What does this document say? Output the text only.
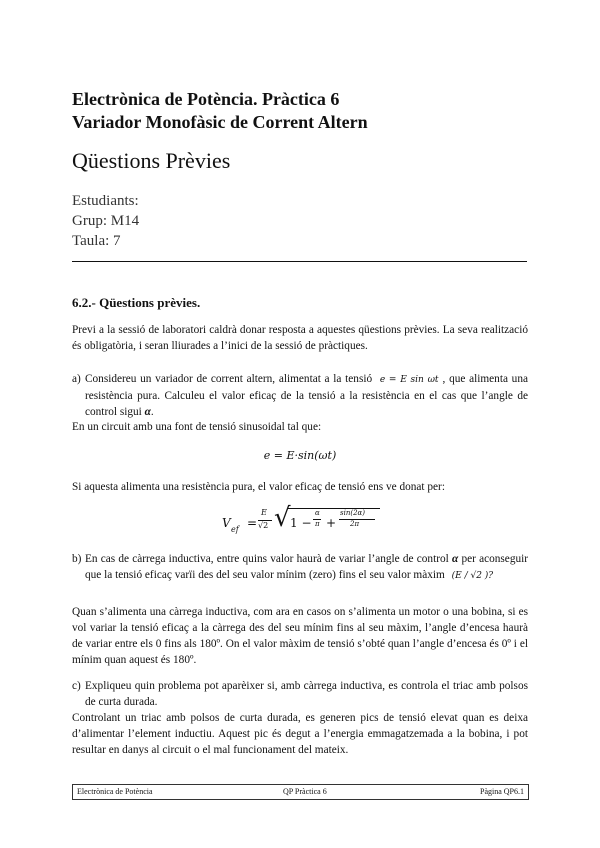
Electrònica de Potència. Pràctica 6
Variador Monofàsic de Corrent Altern
Qüestions Prèvies
Estudiants:
Grup: M14
Taula: 7
6.2.- Qüestions prèvies.
Previ a la sessió de laboratori caldrà donar resposta a aquestes qüestions prèvies. La seva realització és obligatòria, i seran lliurades a l’inici de la sessió de pràctiques.
a) Considereu un variador de corrent altern, alimentat a la tensió e = E sin ωt , que alimenta una resistència pura. Calculeu el valor eficaç de la tensió a la resistència en el cas que l’angle de control sigui α.
En un circuit amb una font de tensió sinusoidal tal que:
e = E·sin(ωt)
Si aquesta alimenta una resistència pura, el valor eficaç de tensió ens ve donat per:
V ef =
E
√2 √ 1 −
α
π +
sin(2α)
2π
b) En cas de càrrega inductiva, entre quins valor haurà de variar l’angle de control α per aconseguir que la tensió eficaç varïi des del seu valor mínim (zero) fins el seu valor màxim (E / √2 )?
Quan s’alimenta una càrrega inductiva, com ara en casos on s’alimenta un motor o una bobina, si es vol variar la tensió eficaç a la càrrega des del seu mínim fins al seu màxim, l’angle d’encesa haurà de variar entre els 0 fins als 180º. On el valor màxim de tensió s’obté quan l’angle d’encesa és 0º i el mínim quan aquest és 180º.
c) Expliqueu quin problema pot aparèixer si, amb càrrega inductiva, es controla el triac amb polsos de curta durada.
Controlant un triac amb polsos de curta durada, es generen pics de tensió elevat quan es deixa d’alimentar l’element inductiu. Aquest pic és degut a l’energia emmagatzemada a la bobina, i pot resultar en danys al circuit o el mal funcionament del mateix.
Electrònica de Potència	QP Pràctica 6	Pàgina QP6.1
